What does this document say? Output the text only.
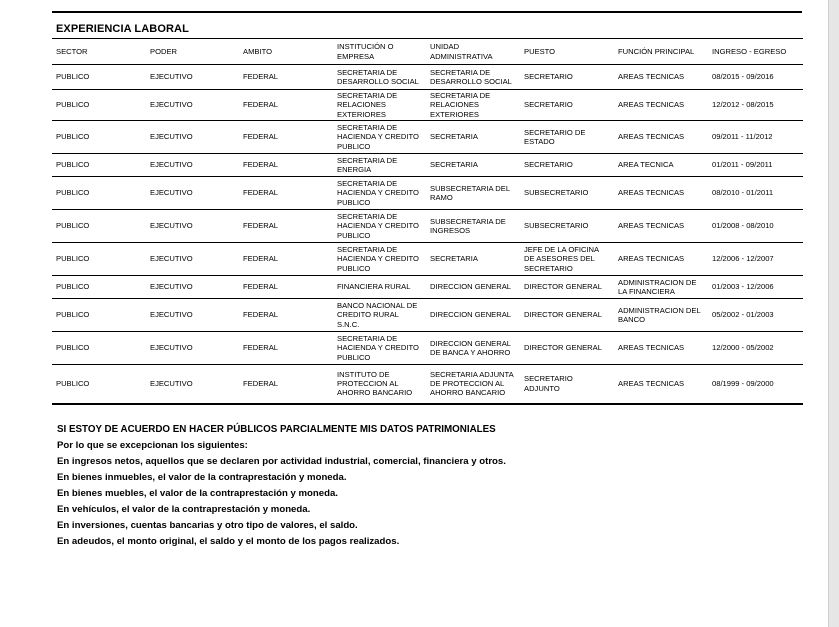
EXPERIENCIA LABORAL
SECTOR	PODER	AMBITO	INSTITUCIÓN O EMPRESA	UNIDAD ADMINISTRATIVA	PUESTO	FUNCIÓN PRINCIPAL	INGRESO - EGRESO
PUBLICO	EJECUTIVO	FEDERAL	SECRETARIA DE DESARROLLO SOCIAL	SECRETARIA DE DESARROLLO SOCIAL	SECRETARIO	AREAS TECNICAS	08/2015 - 09/2016
PUBLICO	EJECUTIVO	FEDERAL	SECRETARIA DE RELACIONES EXTERIORES	SECRETARIA DE RELACIONES EXTERIORES	SECRETARIO	AREAS TECNICAS	12/2012 - 08/2015
PUBLICO	EJECUTIVO	FEDERAL	SECRETARIA DE HACIENDA Y CREDITO PUBLICO	SECRETARIA	SECRETARIO DE ESTADO	AREAS TECNICAS	09/2011 - 11/2012
PUBLICO	EJECUTIVO	FEDERAL	SECRETARIA DE ENERGIA	SECRETARIA	SECRETARIO	AREA TECNICA	01/2011 - 09/2011
PUBLICO	EJECUTIVO	FEDERAL	SECRETARIA DE HACIENDA Y CREDITO PUBLICO	SUBSECRETARIA DEL RAMO	SUBSECRETARIO	AREAS TECNICAS	08/2010 - 01/2011
PUBLICO	EJECUTIVO	FEDERAL	SECRETARIA DE HACIENDA Y CREDITO PUBLICO	SUBSECRETARIA DE INGRESOS	SUBSECRETARIO	AREAS TECNICAS	01/2008 - 08/2010
PUBLICO	EJECUTIVO	FEDERAL	SECRETARIA DE HACIENDA Y CREDITO PUBLICO	SECRETARIA	JEFE DE LA OFICINA DE ASESORES DEL SECRETARIO	AREAS TECNICAS	12/2006 - 12/2007
PUBLICO	EJECUTIVO	FEDERAL	FINANCIERA RURAL	DIRECCION GENERAL	DIRECTOR GENERAL	ADMINISTRACION DE LA FINANCIERA	01/2003 - 12/2006
PUBLICO	EJECUTIVO	FEDERAL	BANCO NACIONAL DE CREDITO RURAL S.N.C.	DIRECCION GENERAL	DIRECTOR GENERAL	ADMINISTRACION DEL BANCO	05/2002 - 01/2003
PUBLICO	EJECUTIVO	FEDERAL	SECRETARIA DE HACIENDA Y CREDITO PUBLICO	DIRECCION GENERAL DE BANCA Y AHORRO	DIRECTOR GENERAL	AREAS TECNICAS	12/2000 - 05/2002
PUBLICO	EJECUTIVO	FEDERAL	INSTITUTO DE PROTECCION AL AHORRO BANCARIO	SECRETARIA ADJUNTA DE PROTECCION AL AHORRO BANCARIO	SECRETARIO ADJUNTO	AREAS TECNICAS	08/1999 - 09/2000
SI ESTOY DE ACUERDO EN HACER PÚBLICOS PARCIALMENTE MIS DATOS PATRIMONIALES
Por lo que se excepcionan los siguientes:
En ingresos netos, aquellos que se declaren por actividad industrial, comercial, financiera y otros.
En bienes inmuebles, el valor de la contraprestación y moneda.
En bienes muebles, el valor de la contraprestación y moneda.
En vehículos, el valor de la contraprestación y moneda.
En inversiones, cuentas bancarias y otro tipo de valores, el saldo.
En adeudos, el monto original, el saldo y el monto de los pagos realizados.
